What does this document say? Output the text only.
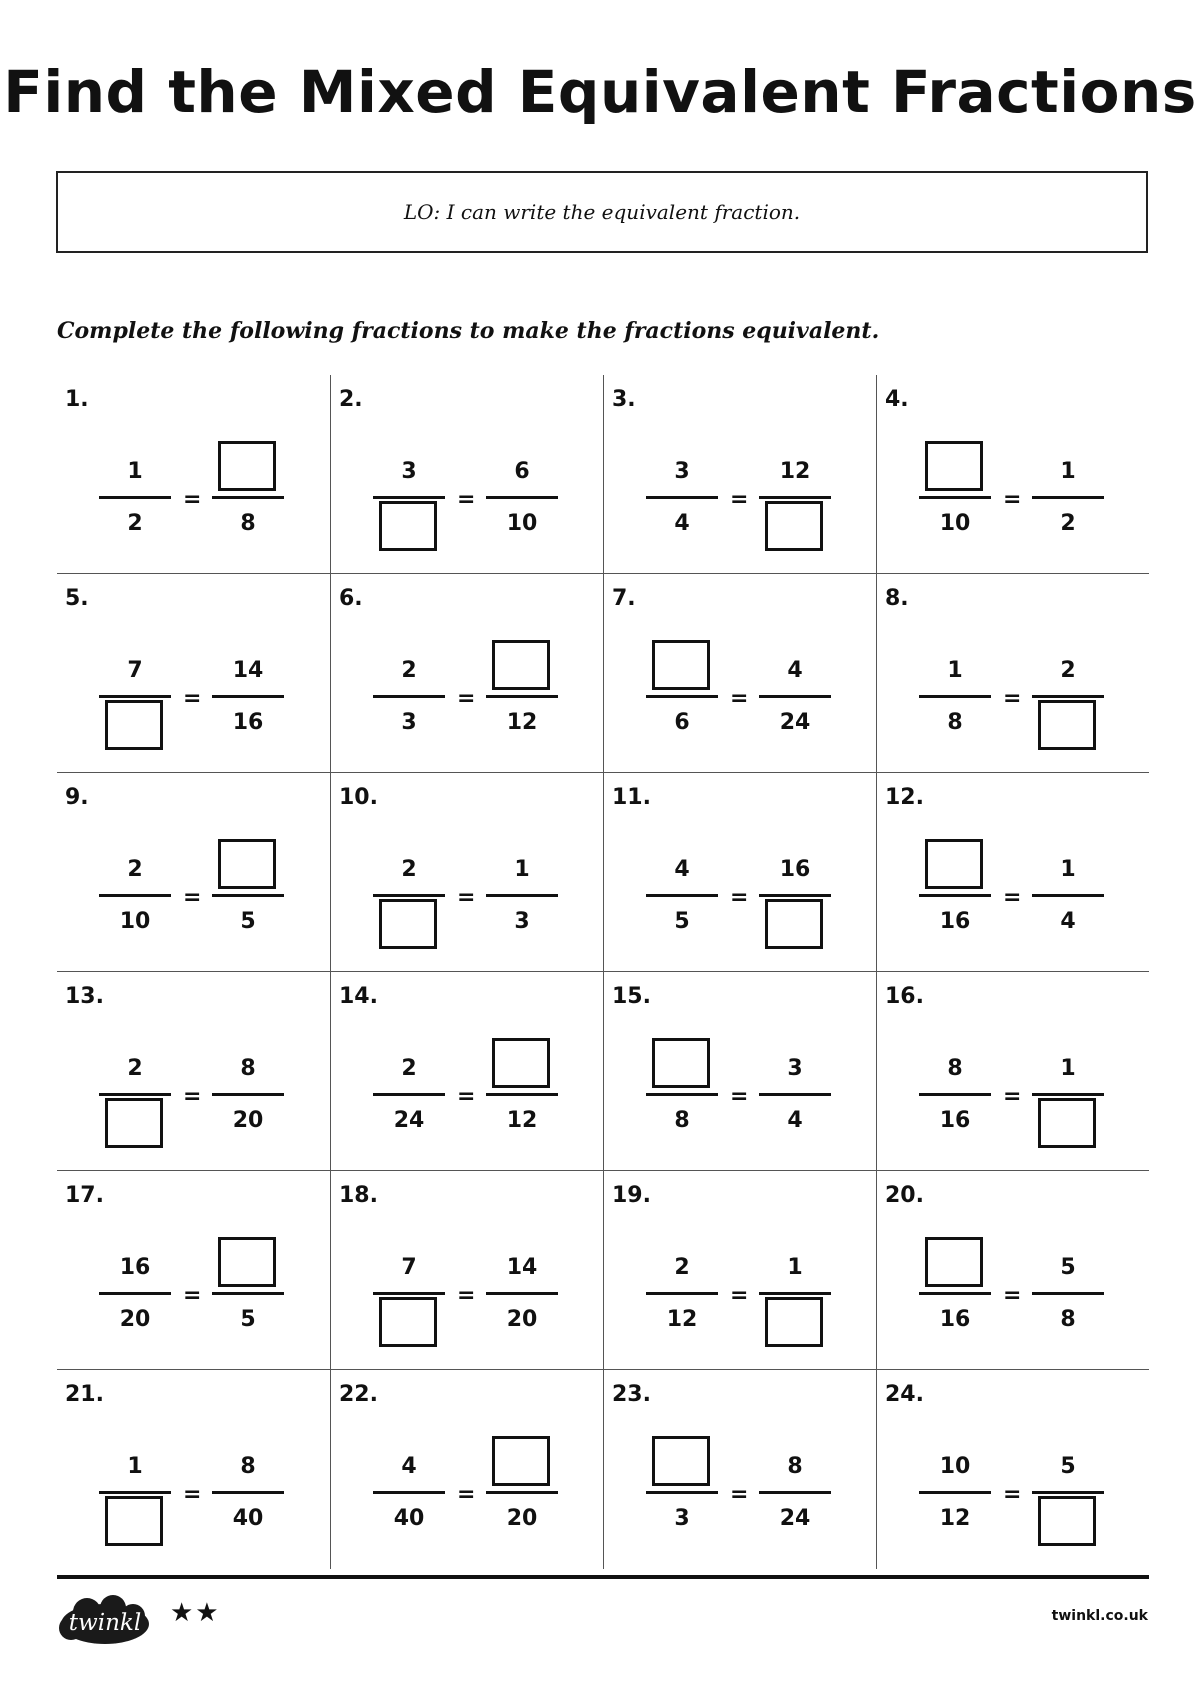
Find the Mixed Equivalent Fractions
LO: I can write the equivalent fraction.
Complete the following fractions to make the fractions equivalent.
1.
1
2
=
8
2.
3
=
6
10
3.
3
4
=
12
4.
10
=
1
2
5.
7
=
14
16
6.
2
3
=
12
7.
6
=
4
24
8.
1
8
=
2
9.
2
10
=
5
10.
2
=
1
3
11.
4
5
=
16
12.
16
=
1
4
13.
2
=
8
20
14.
2
24
=
12
15.
8
=
3
4
16.
8
16
=
1
17.
16
20
=
5
18.
7
=
14
20
19.
2
12
=
1
20.
16
=
5
8
21.
1
=
8
40
22.
4
40
=
20
23.
3
=
8
24
24.
10
12
=
5
twinkl ★★	twinkl.co.uk
